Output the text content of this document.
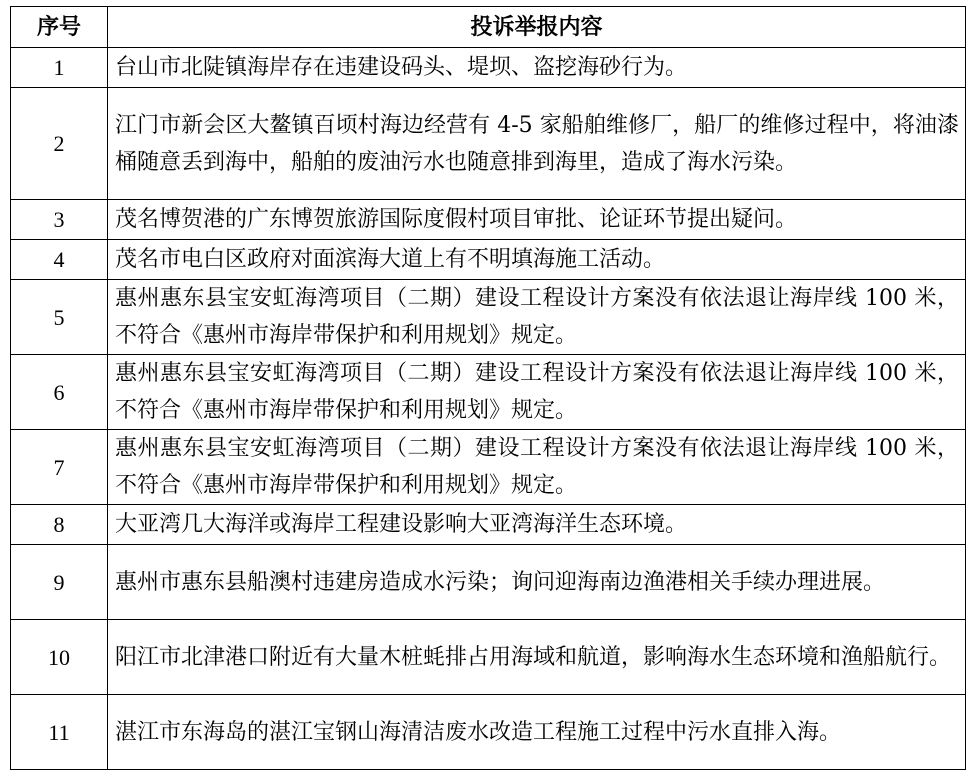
序号	投诉举报内容
1	台山市北陡镇海岸存在违建设码头、堤坝、盗挖海砂行为。
2	江门市新会区大鳌镇百顷村海边经营有 4-5 家船舶维修厂，船厂的维修过程中，将油漆桶随意丢到海中，船舶的废油污水也随意排到海里，造成了海水污染。
3	茂名博贺港的广东博贺旅游国际度假村项目审批、论证环节提出疑问。
4	茂名市电白区政府对面滨海大道上有不明填海施工活动。
5	惠州惠东县宝安虹海湾项目（二期）建设工程设计方案没有依法退让海岸线 100 米，不符合《惠州市海岸带保护和利用规划》规定。
6	惠州惠东县宝安虹海湾项目（二期）建设工程设计方案没有依法退让海岸线 100 米，不符合《惠州市海岸带保护和利用规划》规定。
7	惠州惠东县宝安虹海湾项目（二期）建设工程设计方案没有依法退让海岸线 100 米，不符合《惠州市海岸带保护和利用规划》规定。
8	大亚湾几大海洋或海岸工程建设影响大亚湾海洋生态环境。
9	惠州市惠东县船澳村违建房造成水污染；询问迎海南边渔港相关手续办理进展。
10	阳江市北津港口附近有大量木桩蚝排占用海域和航道，影响海水生态环境和渔船航行。
11	湛江市东海岛的湛江宝钢山海清洁废水改造工程施工过程中污水直排入海。
